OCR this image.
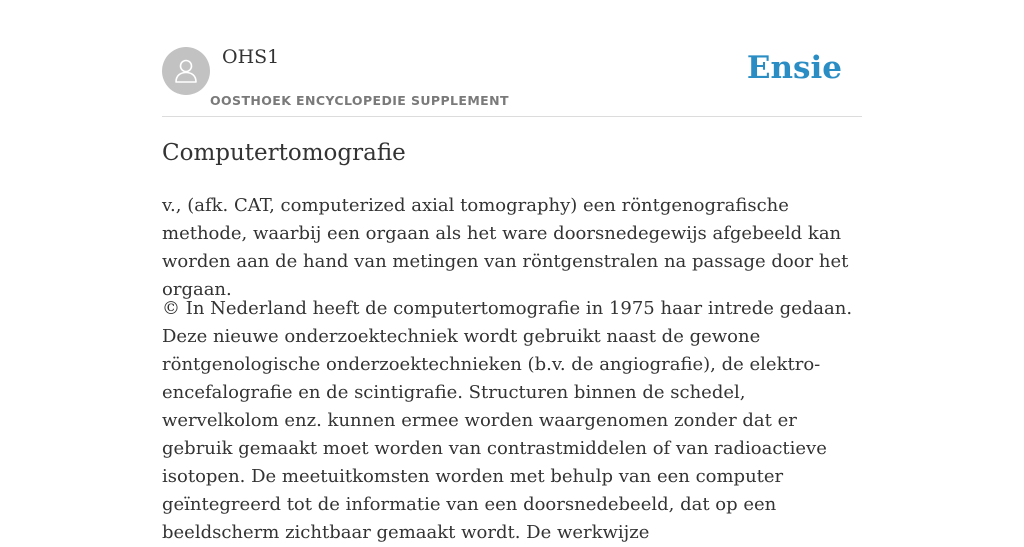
OHS1
OOSTHOEK ENCYCLOPEDIE SUPPLEMENT
Ensie
Computertomografie

v., (afk. CAT, computerized axial tomography) een röntgenografische methode, waarbij een orgaan als het ware doorsnedegewijs afgebeeld kan worden aan de hand van metingen van röntgenstralen na passage door het orgaan.

© In Nederland heeft de computertomografie in 1975 haar intrede gedaan. Deze nieuwe onderzoektechniek wordt gebruikt naast de gewone röntgenologische onderzoektechnieken (b.v. de angiografie), de elektro-encefalografie en de scintigrafie. Structuren binnen de schedel, wervelkolom enz. kunnen ermee worden waargenomen zonder dat er gebruik gemaakt moet worden van contrastmiddelen of van radioactieve isotopen. De meetuitkomsten worden met behulp van een computer geïntegreerd tot de informatie van een doorsnedebeeld, dat op een beeldscherm zichtbaar gemaakt wordt. De werkwijze
